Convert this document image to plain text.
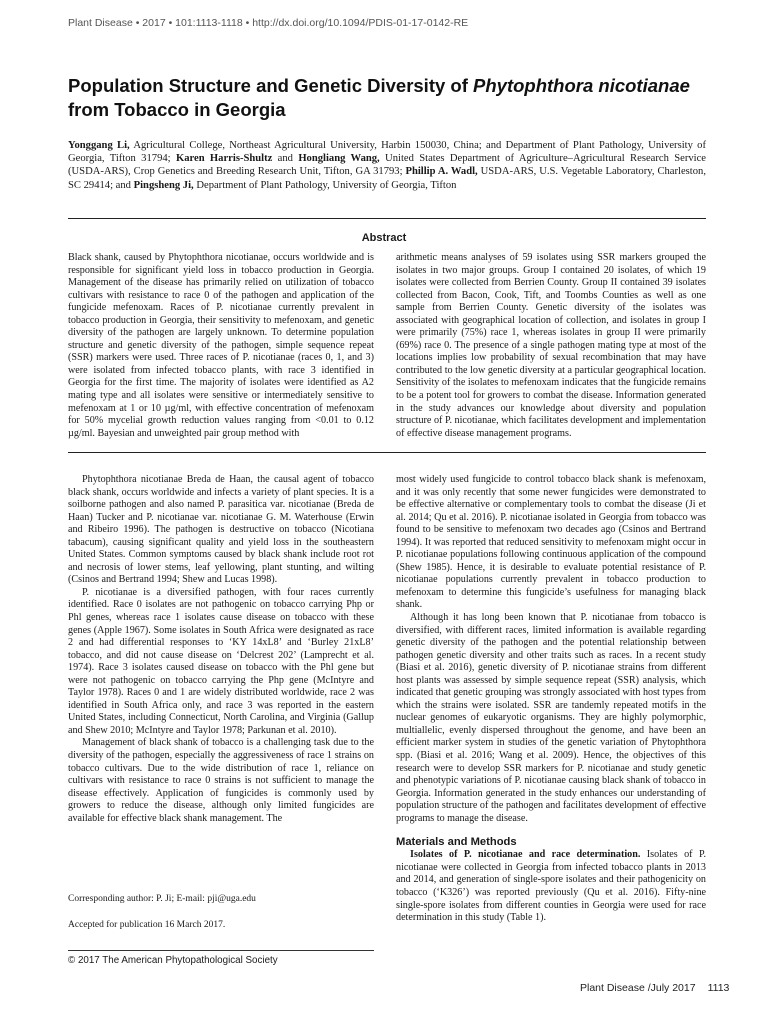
Plant Disease • 2017 • 101:1113-1118 • http://dx.doi.org/10.1094/PDIS-01-17-0142-RE
Population Structure and Genetic Diversity of Phytophthora nicotianae from Tobacco in Georgia
Yonggang Li, Agricultural College, Northeast Agricultural University, Harbin 150030, China; and Department of Plant Pathology, University of Georgia, Tifton 31794; Karen Harris-Shultz and Hongliang Wang, United States Department of Agriculture–Agricultural Research Service (USDA-ARS), Crop Genetics and Breeding Research Unit, Tifton, GA 31793; Phillip A. Wadl, USDA-ARS, U.S. Vegetable Laboratory, Charleston, SC 29414; and Pingsheng Ji, Department of Plant Pathology, University of Georgia, Tifton
Abstract

Black shank, caused by Phytophthora nicotianae, occurs worldwide and is responsible for significant yield loss in tobacco production in Georgia. Management of the disease has primarily relied on utilization of tobacco cultivars with resistance to race 0 of the pathogen and application of the fungicide mefenoxam. Races of P. nicotianae currently prevalent in tobacco production in Georgia, their sensitivity to mefenoxam, and genetic diversity of the pathogen are largely unknown. To determine population structure and genetic diversity of the pathogen, simple sequence repeat (SSR) markers were used. Three races of P. nicotianae (races 0, 1, and 3) were isolated from infected tobacco plants, with race 3 identified in Georgia for the first time. The majority of isolates were identified as A2 mating type and all isolates were sensitive or intermediately sensitive to mefenoxam at 1 or 10 µg/ml, with effective concentration of mefenoxam for 50% mycelial growth reduction values ranging from <0.01 to 0.12 µg/ml. Bayesian and unweighted pair group method with

arithmetic means analyses of 59 isolates using SSR markers grouped the isolates in two major groups. Group I contained 20 isolates, of which 19 isolates were collected from Berrien County. Group II contained 39 isolates collected from Bacon, Cook, Tift, and Toombs Counties as well as one sample from Berrien County. Genetic diversity of the isolates was associated with geographical location of collection, and isolates in group I were primarily (75%) race 1, whereas isolates in group II were primarily (69%) race 0. The presence of a single pathogen mating type at most of the locations implies low probability of sexual recombination that may have contributed to the low genetic diversity at a particular geographical location. Sensitivity of the isolates to mefenoxam indicates that the fungicide remains to be a potent tool for growers to combat the disease. Information generated in the study advances our knowledge about diversity and population structure of P. nicotianae, which facilitates development and implementation of effective disease management programs.

Phytophthora nicotianae Breda de Haan, the causal agent of tobacco black shank, occurs worldwide and infects a variety of plant species. It is a soilborne pathogen and also named P. parasitica var. nicotianae (Breda de Haan) Tucker and P. nicotianae var. nicotianae G. M. Waterhouse (Erwin and Ribeiro 1996). The pathogen is destructive on tobacco (Nicotiana tabacum), causing significant quality and yield loss in the southeastern United States. Common symptoms caused by black shank include root rot and necrosis of lower stems, leaf yellowing, plant stunting, and wilting (Csinos and Bertrand 1994; Shew and Lucas 1998).

P. nicotianae is a diversified pathogen, with four races currently identified. Race 0 isolates are not pathogenic on tobacco carrying Php or Phl genes, whereas race 1 isolates cause disease on tobacco with these genes (Apple 1967). Some isolates in South Africa were designated as race 2 and had differential responses to ‘KY 14xL8’ and ‘Burley 21xL8’ tobacco, and did not cause disease on ‘Delcrest 202’ (Lamprecht et al. 1974). Race 3 isolates caused disease on tobacco with the Phl gene but were not pathogenic on tobacco carrying the Php gene (McIntyre and Taylor 1978). Races 0 and 1 are widely distributed worldwide, race 2 was identified in South Africa only, and race 3 was reported in the eastern United States, including Connecticut, North Carolina, and Virginia (Gallup and Shew 2010; McIntyre and Taylor 1978; Parkunan et al. 2010).

Management of black shank of tobacco is a challenging task due to the diversity of the pathogen, especially the aggressiveness of race 1 strains on tobacco cultivars. Due to the wide distribution of race 1, reliance on cultivars with resistance to race 0 strains is not sufficient to manage the disease effectively. Application of fungicides is commonly used by growers to reduce the disease, although only limited fungicides are available for effective black shank management. The

most widely used fungicide to control tobacco black shank is mefenoxam, and it was only recently that some newer fungicides were demonstrated to be effective alternative or complementary tools to combat the disease (Ji et al. 2014; Qu et al. 2016). P. nicotianae isolated in Georgia from tobacco was found to be sensitive to mefenoxam two decades ago (Csinos and Bertrand 1994). It was reported that reduced sensitivity to mefenoxam might occur in P. nicotianae populations following continuous application of the compound (Shew 1985). Hence, it is desirable to evaluate potential resistance of P. nicotianae populations currently prevalent in tobacco production to mefenoxam to determine this fungicide’s usefulness for managing black shank.

Although it has long been known that P. nicotianae from tobacco is diversified, with different races, limited information is available regarding genetic diversity of the pathogen and the potential relationship between pathogen genetic diversity and other traits such as races. In a recent study (Biasi et al. 2016), genetic diversity of P. nicotianae strains from different host plants was assessed by simple sequence repeat (SSR) analysis, which indicated that genetic grouping was strongly associated with host types from which the strains were isolated. SSR are tandemly repeated motifs in the nuclear genomes of eukaryotic organisms. They are highly polymorphic, multiallelic, evenly dispersed throughout the genome, and have been an efficient marker system in studies of the genetic variation of Phytophthora spp. (Biasi et al. 2016; Wang et al. 2009). Hence, the objectives of this research were to develop SSR markers for P. nicotianae and study genetic and phenotypic variations of P. nicotianae causing black shank of tobacco in Georgia. Information generated in the study enhances our understanding of population structure of the pathogen and facilitates development of effective programs to manage the disease.

Materials and Methods

Isolates of P. nicotianae and race determination. Isolates of P. nicotianae were collected in Georgia from infected tobacco plants in 2013 and 2014, and generation of single-spore isolates and their pathogenicity on tobacco (‘K326’) was reported previously (Qu et al. 2016). Fifty-nine single-spore isolates from different counties in Georgia were used for race determination in this study (Table 1).

Corresponding author: P. Ji; E-mail: pji@uga.edu
Accepted for publication 16 March 2017.
© 2017 The American Phytopathological Society
Plant Disease /July 2017 1113
